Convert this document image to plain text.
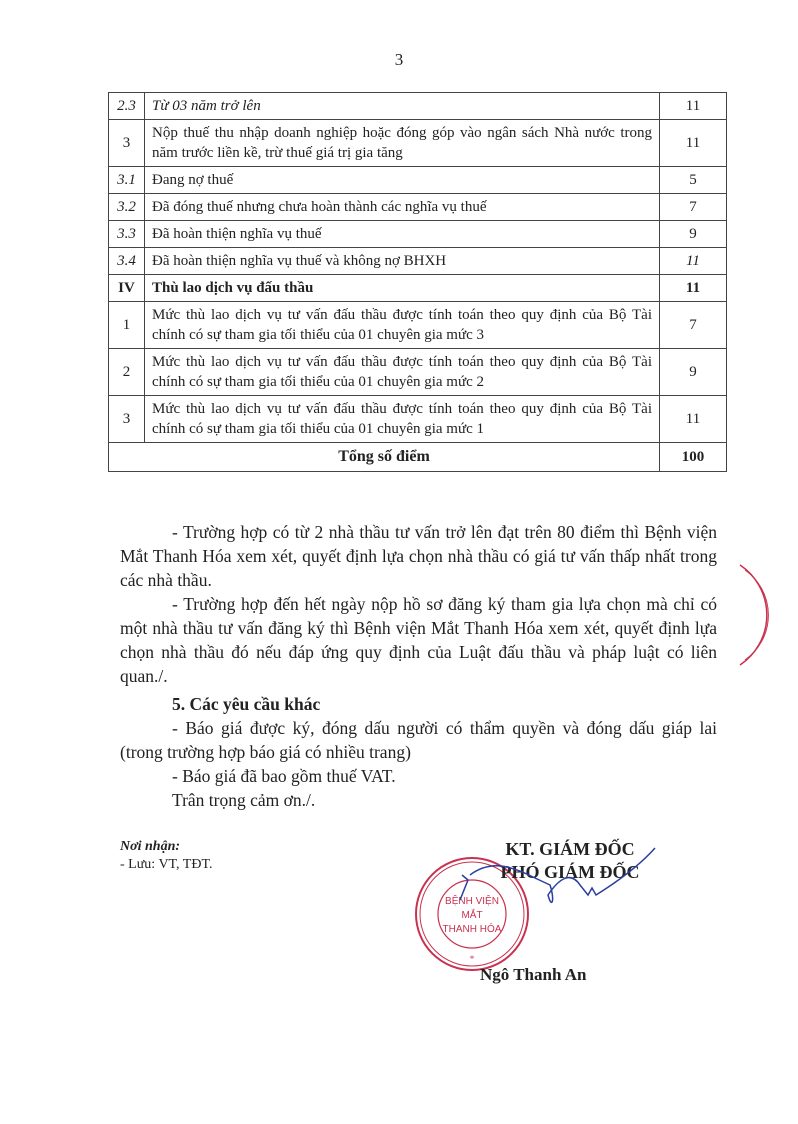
3
2.3	Từ 03 năm trở lên	11
3	Nộp thuế thu nhập doanh nghiệp hoặc đóng góp vào ngân sách Nhà nước trong năm trước liền kề, trừ thuế giá trị gia tăng	11
3.1	Đang nợ thuế	5
3.2	Đã đóng thuế nhưng chưa hoàn thành các nghĩa vụ thuế	7
3.3	Đã hoàn thiện nghĩa vụ thuế	9
3.4	Đã hoàn thiện nghĩa vụ thuế và không nợ BHXH	11
IV	Thù lao dịch vụ đấu thầu	11
1	Mức thù lao dịch vụ tư vấn đấu thầu được tính toán theo quy định của Bộ Tài chính có sự tham gia tối thiểu của 01 chuyên gia mức 3	7
2	Mức thù lao dịch vụ tư vấn đấu thầu được tính toán theo quy định của Bộ Tài chính có sự tham gia tối thiểu của 01 chuyên gia mức 2	9
3	Mức thù lao dịch vụ tư vấn đấu thầu được tính toán theo quy định của Bộ Tài chính có sự tham gia tối thiểu của 01 chuyên gia mức 1	11
Tổng số điểm		100

- Trường hợp có từ 2 nhà thầu tư vấn trở lên đạt trên 80 điểm thì Bệnh viện Mắt Thanh Hóa xem xét, quyết định lựa chọn nhà thầu có giá tư vấn thấp nhất trong các nhà thầu.

- Trường hợp đến hết ngày nộp hồ sơ đăng ký tham gia lựa chọn mà chỉ có một nhà thầu tư vấn đăng ký thì Bệnh viện Mắt Thanh Hóa xem xét, quyết định lựa chọn nhà thầu đó nếu đáp ứng quy định của Luật đấu thầu và pháp luật có liên quan./.

5. Các yêu cầu khác

- Báo giá được ký, đóng dấu người có thẩm quyền và đóng dấu giáp lai (trong trường hợp báo giá có nhiều trang)

- Báo giá đã bao gồm thuế VAT.

Trân trọng cảm ơn./.

Nơi nhận:
- Lưu: VT, TĐT.
BỆNH VIỆN
MẮT
THANH HÓA
*
KT. GIÁM ĐỐC
PHÓ GIÁM ĐỐC
Ngô Thanh An
